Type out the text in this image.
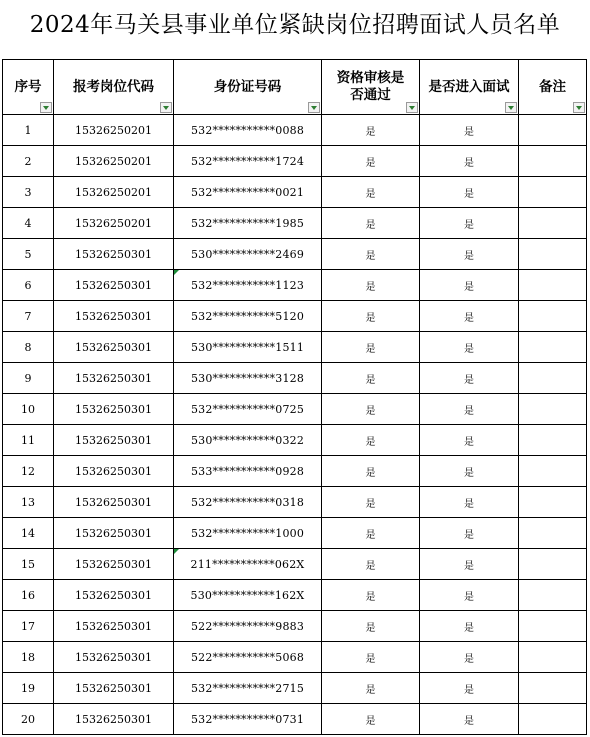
2024年马关县事业单位紧缺岗位招聘面试人员名单
序号	报考岗位代码	身份证号码	资格审核是否通过	是否进入面试	备注

1	15326250201	532***********0088	是	是	
2	15326250201	532***********1724	是	是	
3	15326250201	532***********0021	是	是	
4	15326250201	532***********1985	是	是	
5	15326250301	530***********2469	是	是	
6	15326250301	532***********1123	是	是	
7	15326250301	532***********5120	是	是	
8	15326250301	530***********1511	是	是	
9	15326250301	530***********3128	是	是	
10	15326250301	532***********0725	是	是	
11	15326250301	530***********0322	是	是	
12	15326250301	533***********0928	是	是	
13	15326250301	532***********0318	是	是	
14	15326250301	532***********1000	是	是	
15	15326250301	211***********062X	是	是	
16	15326250301	530***********162X	是	是	
17	15326250301	522***********9883	是	是	
18	15326250301	522***********5068	是	是	
19	15326250301	532***********2715	是	是	
20	15326250301	532***********0731	是	是	
